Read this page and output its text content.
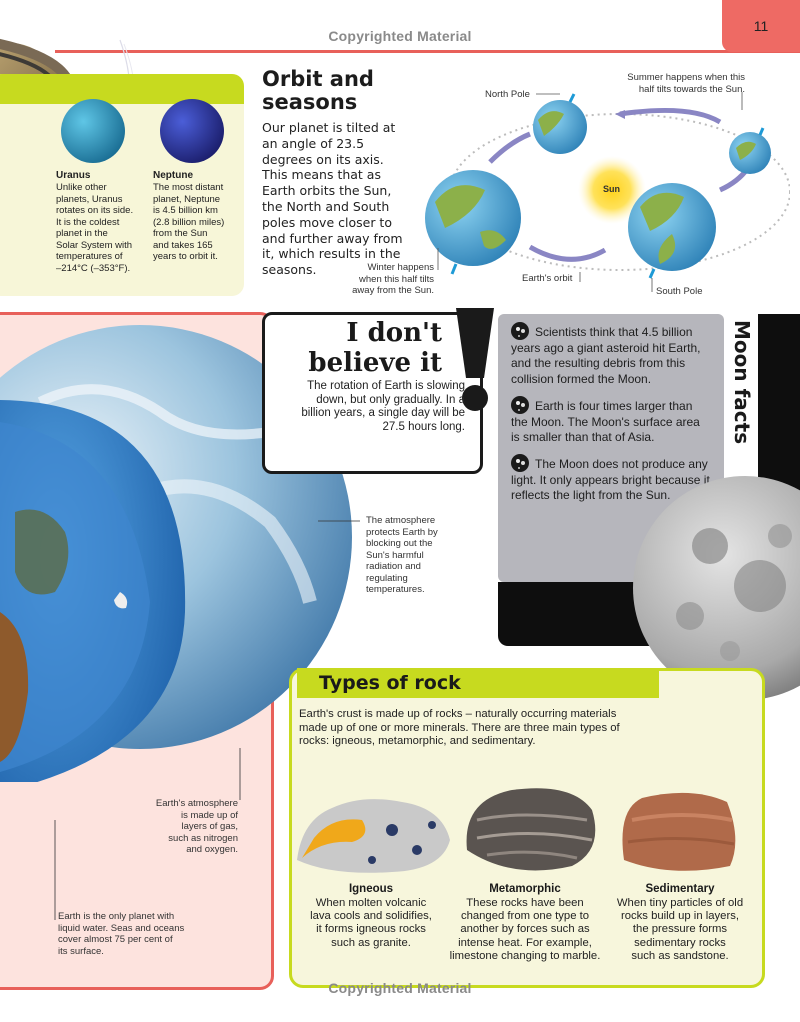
11
Copyrighted Material
Uranus
Unlike other
planets, Uranus
rotates on its side.
It is the coldest
planet in the
Solar System with
temperatures of
–214°C (–353°F).
Neptune
The most distant
planet, Neptune
is 4.5 billion km
(2.8 billion miles)
from the Sun
and takes 165
years to orbit it.
Orbit and
seasons
Our planet is tilted at an angle of 23.5 degrees on its axis. This means that as Earth orbits the Sun, the North and South poles move closer to and further away from it, which results in the seasons.
North Pole
Summer happens when this
half tilts towards the Sun.
Sun
Winter happens
when this half tilts
away from the Sun.
Earth's orbit
South Pole
The atmosphere
protects Earth by
blocking out the
Sun's harmful
radiation and
regulating
temperatures.
Earth's atmosphere
is made up of
layers of gas,
such as nitrogen
and oxygen.
Earth is the only planet with
liquid water. Seas and oceans
cover almost 75 per cent of
its surface.
I don't
believe it
The rotation of Earth is slowing down, but only gradually. In a billion years, a single day will be 27.5 hours long.	Moon facts
Scientists think that 4.5 billion years ago a giant asteroid hit Earth, and the resulting debris from this collision formed the Moon.
Earth is four times larger than the Moon. The Moon's surface area is smaller than that of Asia.
The Moon does not produce any light. It only appears bright because it reflects the light from the Sun.
Types of rock
Earth's crust is made up of rocks – naturally occurring materials made up of one or more minerals. There are three main types of rocks: igneous, metamorphic, and sedimentary.
Igneous
When molten volcanic
lava cools and solidifies,
it forms igneous rocks
such as granite.
Metamorphic
These rocks have been
changed from one type to
another by forces such as
intense heat. For example,
limestone changing to marble.
Sedimentary
When tiny particles of old
rocks build up in layers,
the pressure forms
sedimentary rocks
such as sandstone.
Copyrighted Material
